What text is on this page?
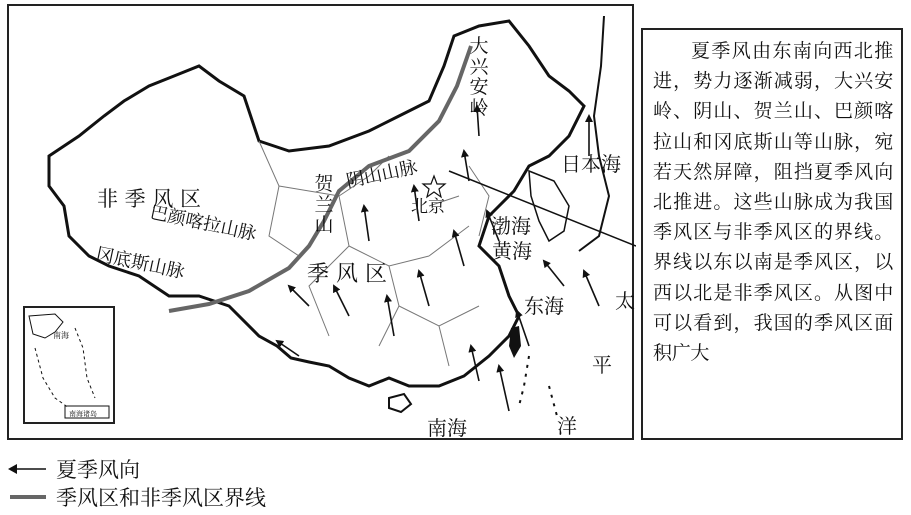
非 季 风 区
季 风 区
巴颜喀拉山脉
冈底斯山脉
阴山山脉
大兴安岭
贺兰山
北京
渤海
黄海
东海
南海
日本海
太
平
洋
南海
南海诸岛

夏季风由东南向西北推进，势力逐渐减弱，大兴安岭、阴山、贺兰山、巴颜喀拉山和冈底斯山等山脉，宛若天然屏障，阻挡夏季风向北推进。这些山脉成为我国季风区与非季风区的界线。界线以东以南是季风区，以西以北是非季风区。从图中可以看到，我国的季风区面积广大

夏季风向
季风区和非季风区界线
